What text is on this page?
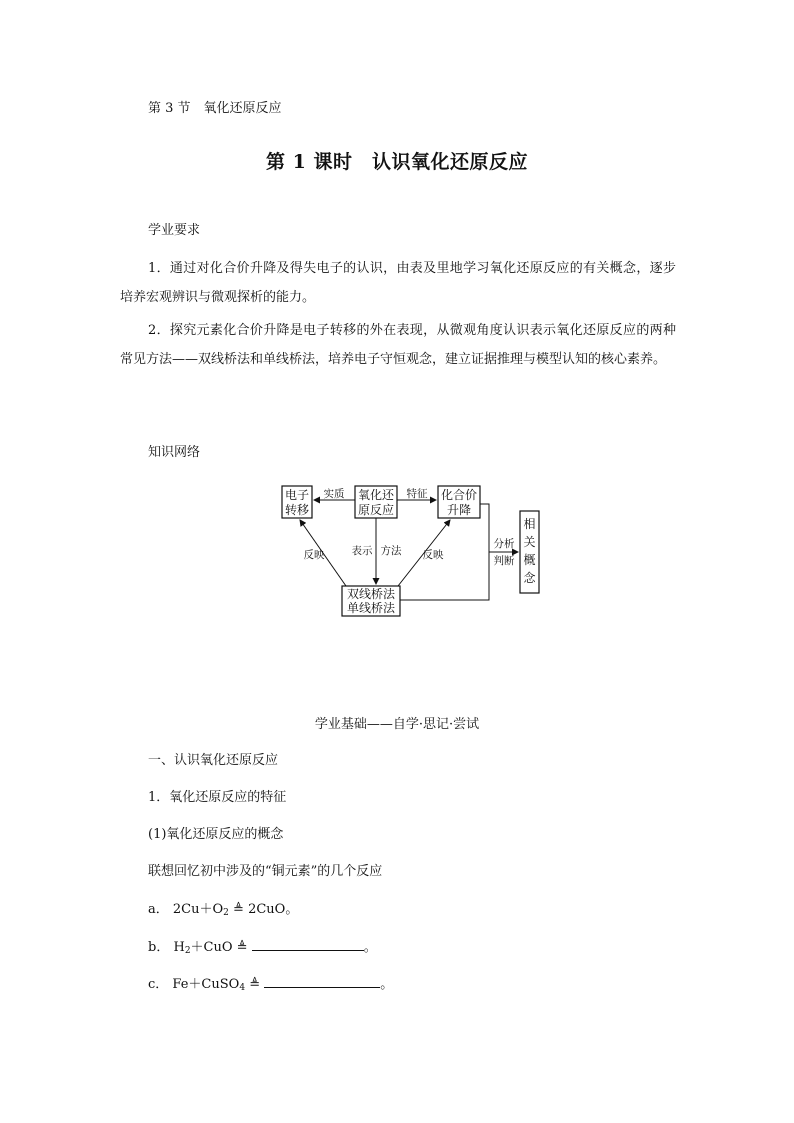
第 3 节　氧化还原反应
第 1 课时　认识氧化还原反应
学业要求
1．通过对化合价升降及得失电子的认识，由表及里地学习氧化还原反应的有关概念，逐步培养宏观辨识与微观探析的能力。
2．探究元素化合价升降是电子转移的外在表现，从微观角度认识表示氧化还原反应的两种常见方法——双线桥法和单线桥法，培养电子守恒观念，建立证据推理与模型认知的核心素养。
知识网络
电子
转移
氧化还
原反应
化合价
升降
双线桥法
单线桥法
相
关
概
念
实质	特征
表示 方法
反映	反映
分析
判断
学业基础——自学·思记·尝试
一、认识氧化还原反应
1．氧化还原反应的特征
(1)氧化还原反应的概念
联想回忆初中涉及的“铜元素”的几个反应
a． $2Cu+O_2$ ≜ 2CuO。
b． $H_2+CuO$ ≜	。
c． Fe＋CuSO$_4$ ≜	。
